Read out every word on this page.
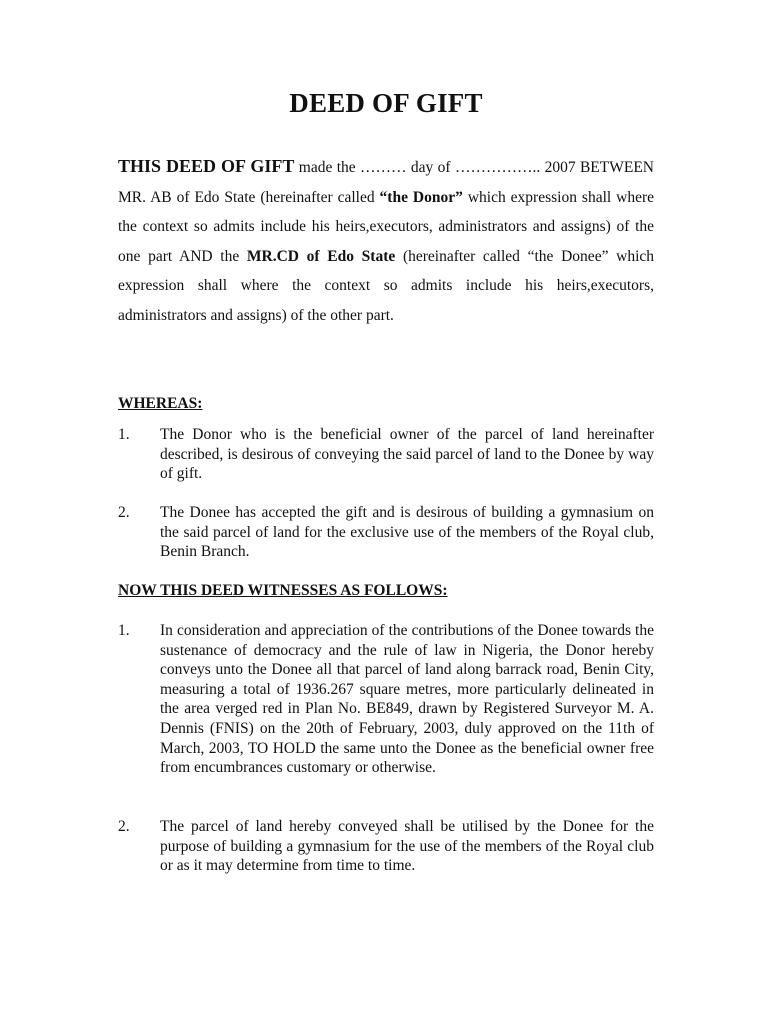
DEED OF GIFT
THIS DEED OF GIFT made the ……… day of …………….. 2007 BETWEEN MR. AB of Edo State (hereinafter called “the Donor” which expression shall where the context so admits include his heirs,executors, administrators and assigns) of the one part AND the MR.CD of Edo State (hereinafter called “the Donee” which expression shall where the context so admits include his heirs,executors, administrators and assigns) of the other part.
WHEREAS:
1.	The Donor who is the beneficial owner of the parcel of land hereinafter described, is desirous of conveying the said parcel of land to the Donee by way of gift.
2.	The Donee has accepted the gift and is desirous of building a gymnasium on the said parcel of land for the exclusive use of the members of the Royal club, Benin Branch.
NOW THIS DEED WITNESSES AS FOLLOWS:
1.	In consideration and appreciation of the contributions of the Donee towards the sustenance of democracy and the rule of law in Nigeria, the Donor hereby conveys unto the Donee all that parcel of land along barrack road, Benin City, measuring a total of 1936.267 square metres, more particularly delineated in the area verged red in Plan No. BE849, drawn by Registered Surveyor M. A. Dennis (FNIS) on the 20th of February, 2003, duly approved on the 11th of March, 2003, TO HOLD the same unto the Donee as the beneficial owner free from encumbrances customary or otherwise.
2.	The parcel of land hereby conveyed shall be utilised by the Donee for the purpose of building a gymnasium for the use of the members of the Royal club or as it may determine from time to time.
